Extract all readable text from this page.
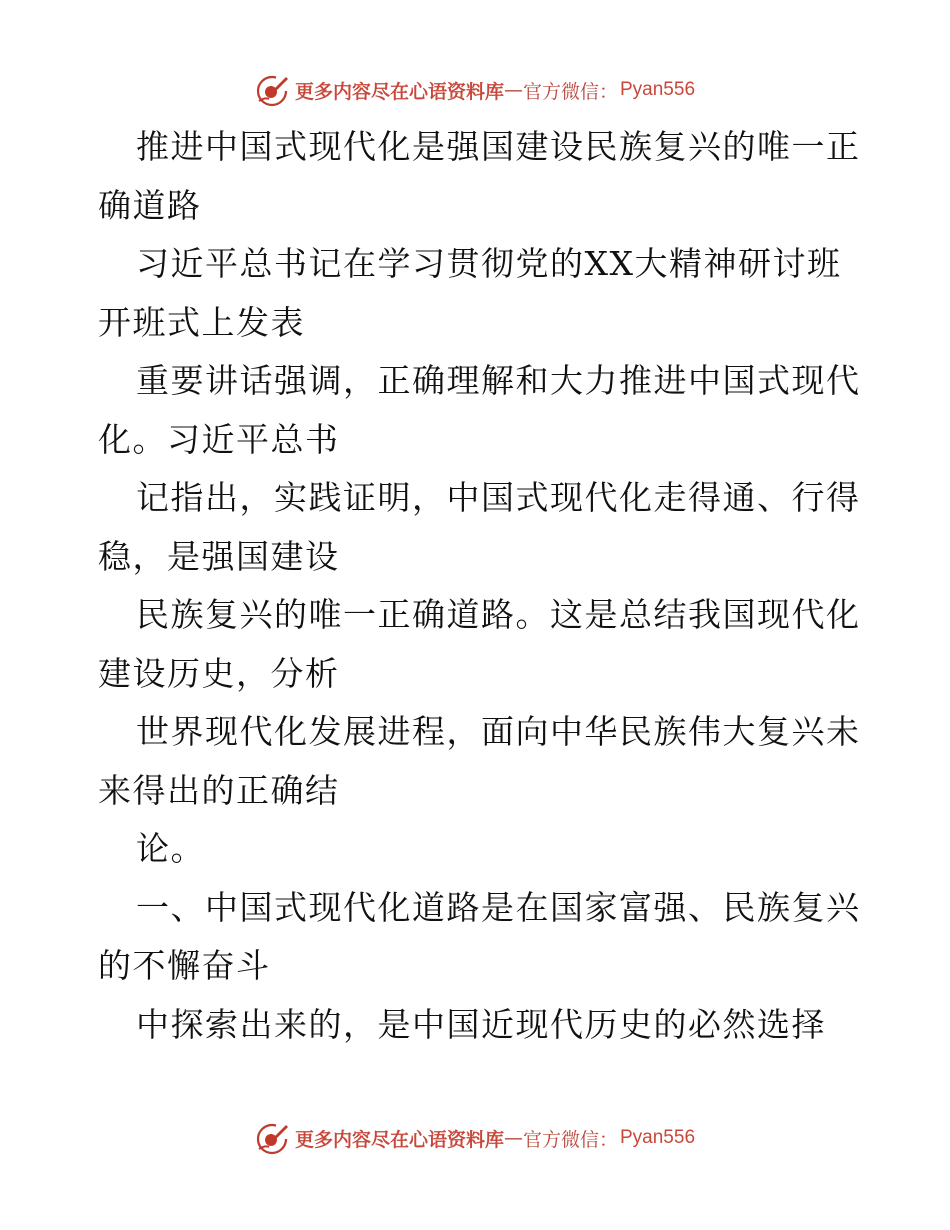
更多内容尽在心语资料库 — 官方微信： Pyan556
推进中国式现代化是强国建设民族复兴的唯一正
确道路
习近平总书记在学习贯彻党的XX大精神研讨班
开班式上发表
重要讲话强调，正确理解和大力推进中国式现代
化。习近平总书
记指出，实践证明，中国式现代化走得通、行得
稳，是强国建设
民族复兴的唯一正确道路。这是总结我国现代化
建设历史，分析
世界现代化发展进程，面向中华民族伟大复兴未
来得出的正确结
论。
一、中国式现代化道路是在国家富强、民族复兴
的不懈奋斗
中探索出来的，是中国近现代历史的必然选择
更多内容尽在心语资料库 — 官方微信： Pyan556
